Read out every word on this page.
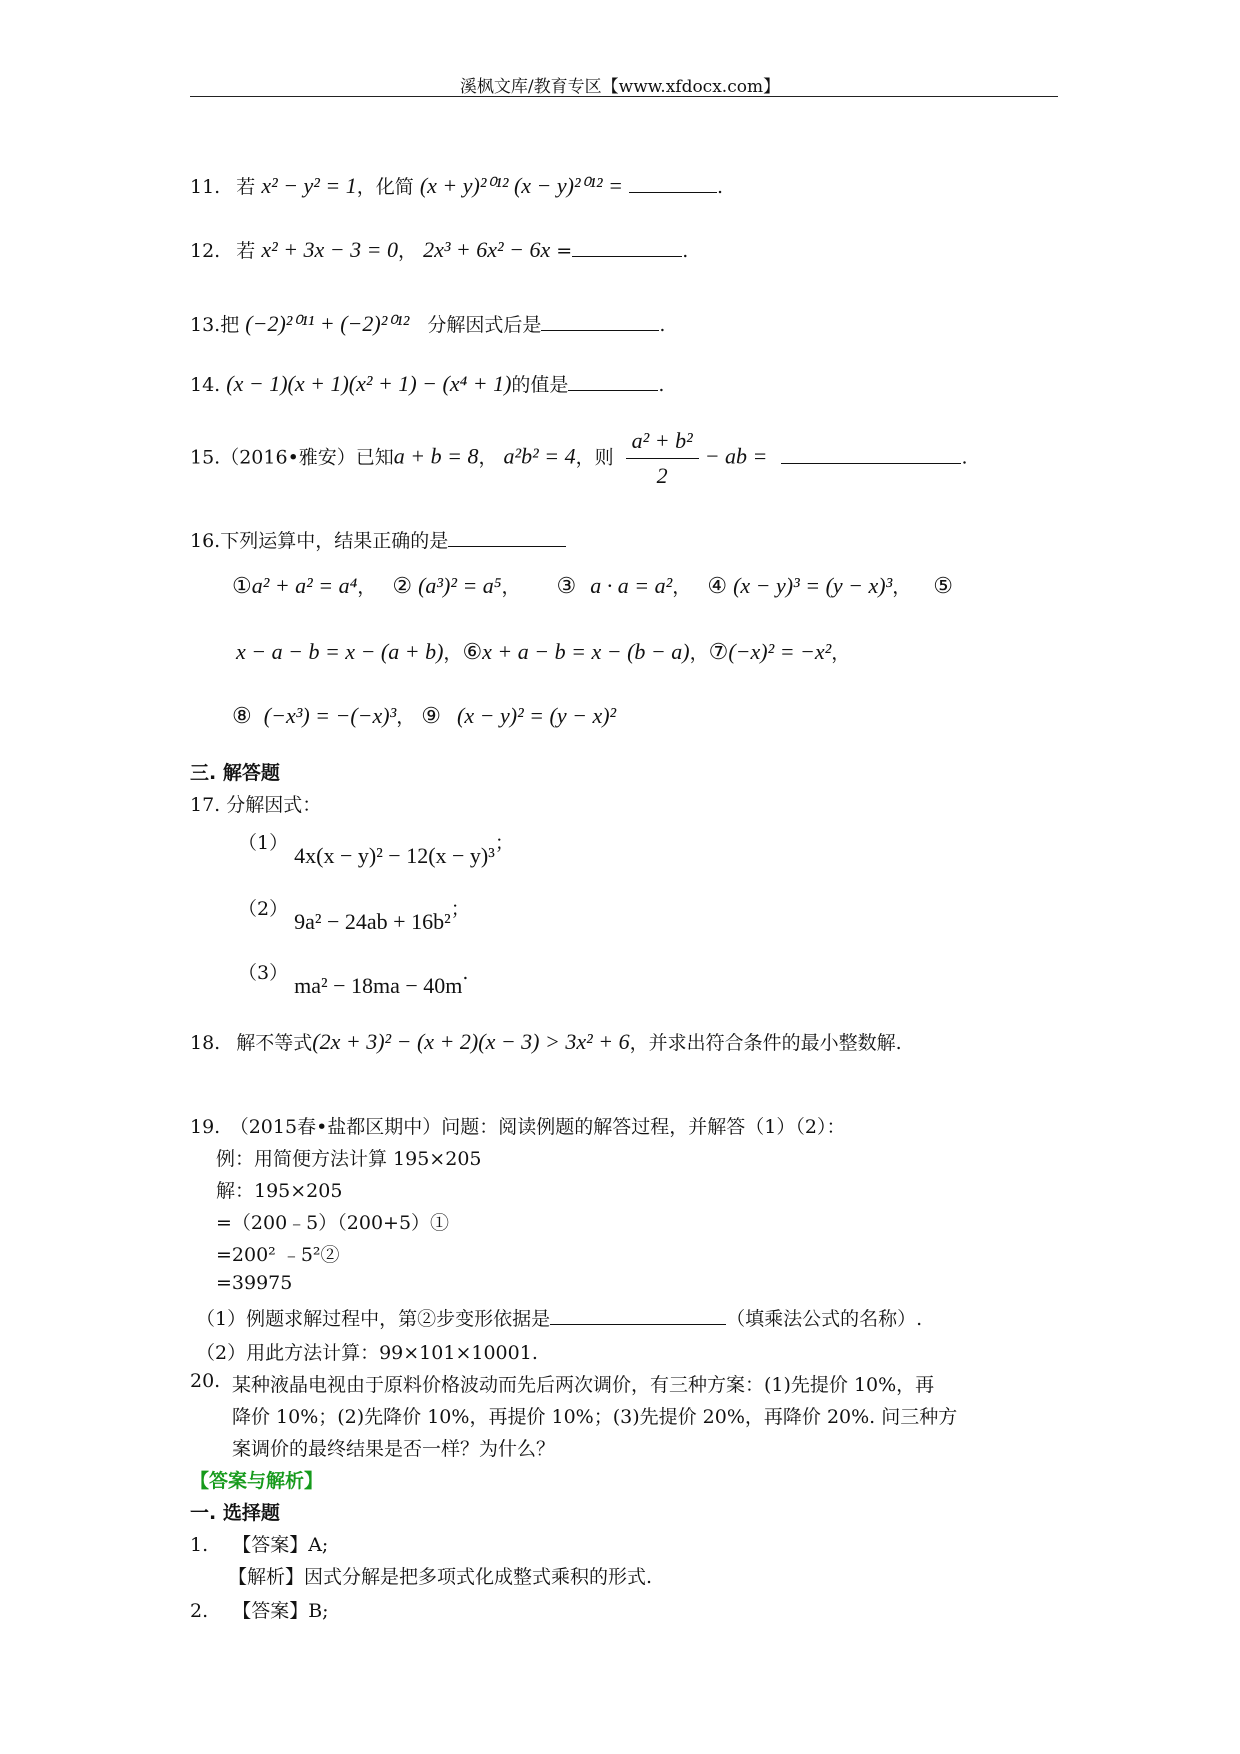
溪枫文库/教育专区【www.xfdocx.com】
11. 若 x² − y² = 1，化简 (x + y)²⁰¹² (x − y)²⁰¹² =	.
12. 若 x² + 3x − 3 = 0， 2x³ + 6x² − 6x =	.
13.把 (−2)²⁰¹¹ + (−2)²⁰¹² 分解因式后是	.
14. (x − 1)(x + 1)(x² + 1) − (x⁴ + 1)的值是	.
15.（2016•雅安）已知a + b = 8， a²b² = 4，则 $\frac{\text{a² + b²}}{2}$ − ab =	.
16.下列运算中，结果正确的是
①a² + a² = a⁴， ② (a³)² = a⁵， ③ a · a = a²， ④ (x − y)³ = (y − x)³， ⑤
x − a − b = x − (a + b)，⑥x + a − b = x − (b − a)，⑦(−x)² = −x²，
⑧ (−x³) = −(−x)³， ⑨ (x − y)² = (y − x)²
三. 解答题
17. 分解因式：
（1） 4x(x − y)² − 12(x − y)³；
（2） 9a² − 24ab + 16b²；
（3） ma² − 18ma − 40m.
18. 解不等式(2x + 3)² − (x + 2)(x − 3) > 3x² + 6，并求出符合条件的最小整数解.
19.　（2015春•盐都区期中）问题：阅读例题的解答过程，并解答（1）（2）：
例：用简便方法计算 195×205
解：195×205
=（200﹣5）（200+5）①
=200² ﹣5²②
=39975
（1）例题求解过程中，第②步变形依据是	（填乘法公式的名称）.
（2）用此方法计算：99×101×10001.
20. 某种液晶电视由于原料价格波动而先后两次调价，有三种方案：(1)先提价 10%，再
降价 10%；(2)先降价 10%，再提价 10%；(3)先提价 20%，再降价 20%. 问三种方
案调价的最终结果是否一样？为什么？
【答案与解析】
一. 选择题
1. 【答案】A;
【解析】因式分解是把多项式化成整式乘积的形式.
2. 【答案】B;
